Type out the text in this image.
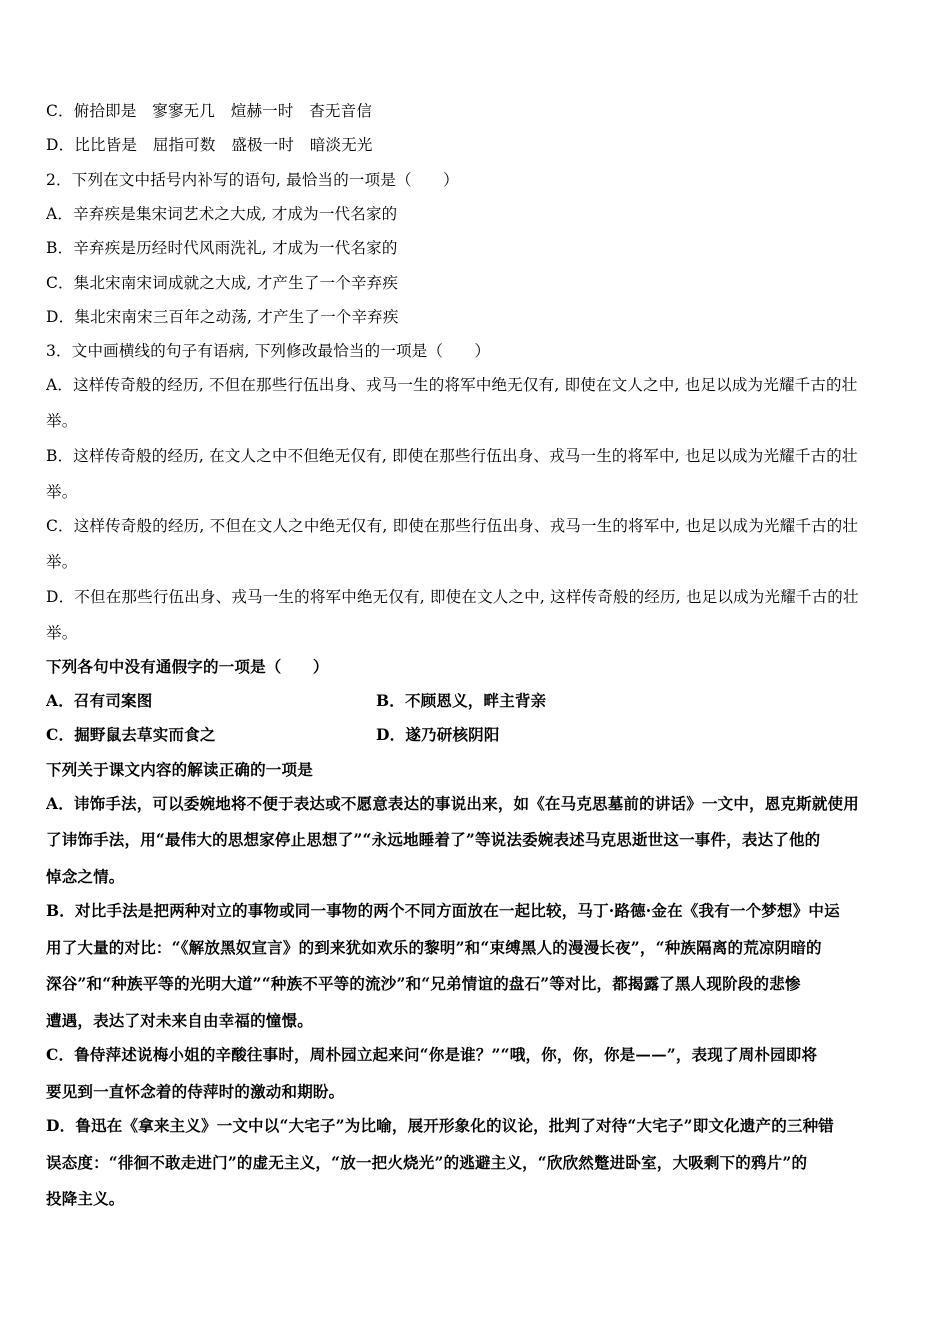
C．俯拾即是　寥寥无几　煊赫一时　杳无音信
D．比比皆是　屈指可数　盛极一时　暗淡无光
2．下列在文中括号内补写的语句, 最恰当的一项是（　　）
A．辛弃疾是集宋词艺术之大成, 才成为一代名家的
B．辛弃疾是历经时代风雨洗礼, 才成为一代名家的
C．集北宋南宋词成就之大成, 才产生了一个辛弃疾
D．集北宋南宋三百年之动荡, 才产生了一个辛弃疾
3．文中画横线的句子有语病, 下列修改最恰当的一项是（　　）
A．这样传奇般的经历, 不但在那些行伍出身、戎马一生的将军中绝无仅有, 即使在文人之中, 也足以成为光耀千古的壮
举。
B．这样传奇般的经历, 在文人之中不但绝无仅有, 即使在那些行伍出身、戎马一生的将军中, 也足以成为光耀千古的壮
举。
C．这样传奇般的经历, 不但在文人之中绝无仅有, 即使在那些行伍出身、戎马一生的将军中, 也足以成为光耀千古的壮
举。
D．不但在那些行伍出身、戎马一生的将军中绝无仅有, 即使在文人之中, 这样传奇般的经历, 也足以成为光耀千古的壮
举。
下列各句中没有通假字的一项是（　　）
A．召有司案图	B．不顾恩义，畔主背亲
C．掘野鼠去草实而食之	D．遂乃研核阴阳
下列关于课文内容的解读正确的一项是
A．讳饰手法，可以委婉地将不便于表达或不愿意表达的事说出来，如《在马克思墓前的讲话》一文中，恩克斯就使用
了讳饰手法，用“最伟大的思想家停止思想了”“永远地睡着了”等说法委婉表述马克思逝世这一事件，表达了他的
悼念之情。
B．对比手法是把两种对立的事物或同一事物的两个不同方面放在一起比较，马丁·路德·金在《我有一个梦想》中运
用了大量的对比：“《解放黑奴宣言》的到来犹如欢乐的黎明”和“束缚黑人的漫漫长夜”，“种族隔离的荒凉阴暗的
深谷”和“种族平等的光明大道”“种族不平等的流沙”和“兄弟情谊的盘石”等对比，都揭露了黑人现阶段的悲惨
遭遇，表达了对未来自由幸福的憧憬。
C．鲁侍萍述说梅小姐的辛酸往事时，周朴园立起来问“你是谁？”“哦，你，你，你是——”，表现了周朴园即将
要见到一直怀念着的侍萍时的激动和期盼。
D．鲁迅在《拿来主义》一文中以“大宅子”为比喻，展开形象化的议论，批判了对待“大宅子”即文化遗产的三种错
误态度：“徘徊不敢走进门”的虚无主义，“放一把火烧光”的逃避主义，“欣欣然蹩进卧室，大吸剩下的鸦片”的
投降主义。
